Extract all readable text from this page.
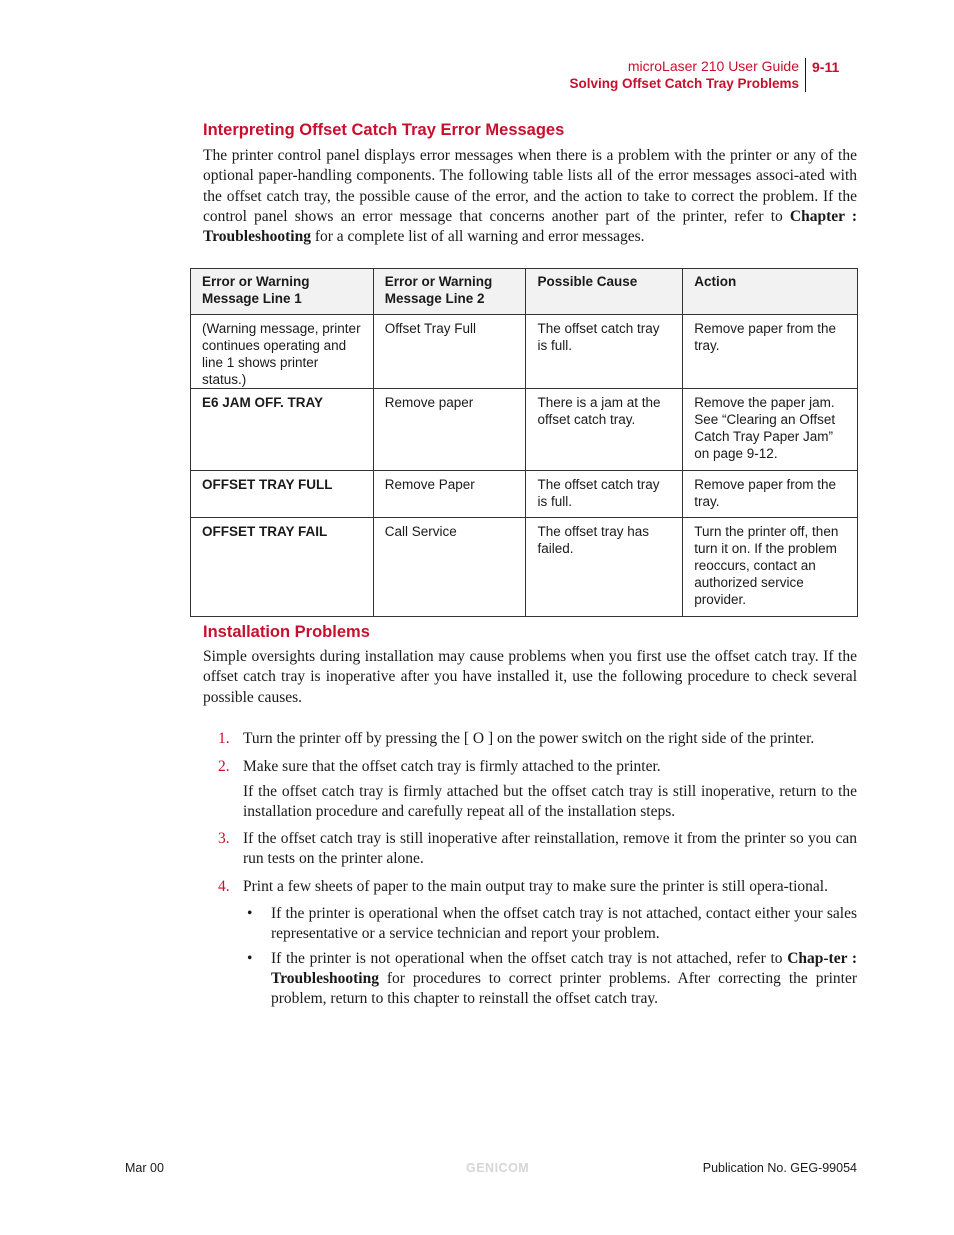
microLaser 210 User Guide
Solving Offset Catch Tray Problems
9-11
Interpreting Offset Catch Tray Error Messages
The printer control panel displays error messages when there is a problem with the printer or any of the optional paper-handling components. The following table lists all of the error messages associ-ated with the offset catch tray, the possible cause of the error, and the action to take to correct the problem. If the control panel shows an error message that concerns another part of the printer, refer to Chapter : Troubleshooting for a complete list of all warning and error messages.
Error or Warning Message Line 1	Error or Warning Message Line 2	Possible Cause	Action
(Warning message, printer continues operating and line 1 shows printer status.)	Offset Tray Full	The offset catch tray is full.	Remove paper from the tray.
E6 JAM OFF. TRAY	Remove paper	There is a jam at the offset catch tray.	Remove the paper jam. See “Clearing an Offset Catch Tray Paper Jam” on page 9-12.
OFFSET TRAY FULL	Remove Paper	The offset catch tray is full.	Remove paper from the tray.
OFFSET TRAY FAIL	Call Service	The offset tray has failed.	Turn the printer off, then turn it on. If the problem reoccurs, contact an authorized service provider.
Installation Problems
Simple oversights during installation may cause problems when you first use the offset catch tray. If the offset catch tray is inoperative after you have installed it, use the following procedure to check several possible causes.
1. Turn the printer off by pressing the [ O ] on the power switch on the right side of the printer.
2. Make sure that the offset catch tray is firmly attached to the printer.
If the offset catch tray is firmly attached but the offset catch tray is still inoperative, return to the installation procedure and carefully repeat all of the installation steps.
3. If the offset catch tray is still inoperative after reinstallation, remove it from the printer so you can run tests on the printer alone.
4. Print a few sheets of paper to the main output tray to make sure the printer is still opera-tional.
• If the printer is operational when the offset catch tray is not attached, contact either your sales representative or a service technician and report your problem.
• If the printer is not operational when the offset catch tray is not attached, refer to Chap-ter : Troubleshooting for procedures to correct printer problems. After correcting the printer problem, return to this chapter to reinstall the offset catch tray.
Mar 00	GENICOM	Publication No. GEG-99054
